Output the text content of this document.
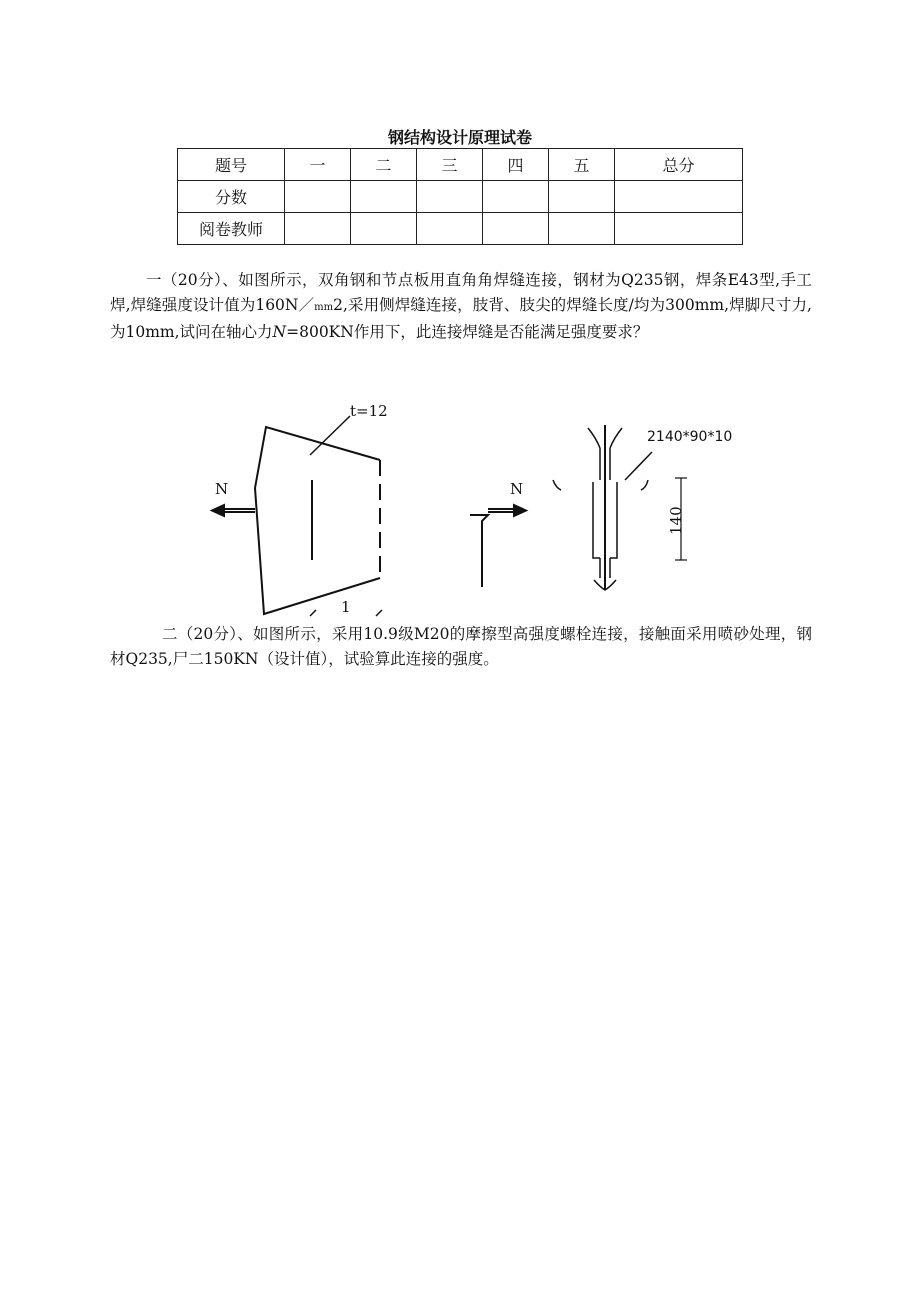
钢结构设计原理试卷
题号	一	二	三	四	五	总分
分数						
阅卷教师						
一（20分）、如图所示，双角钢和节点板用直角角焊缝连接，钢材为Q235钢，焊条E43型,手工焊,焊缝强度设计值为160N／mm2,采用侧焊缝连接，肢背、肢尖的焊缝长度/均为300mm,焊脚尺寸力,为10mm,试问在轴心力N=800KN作用下，此连接焊缝是否能满足强度要求？
t=12
N	N
1
2140*90*10
140
二（20分）、如图所示，采用10.9级M20的摩擦型高强度螺栓连接，接触面采用喷砂处理，钢材Q235,尸二150KN（设计值），试验算此连接的强度。
